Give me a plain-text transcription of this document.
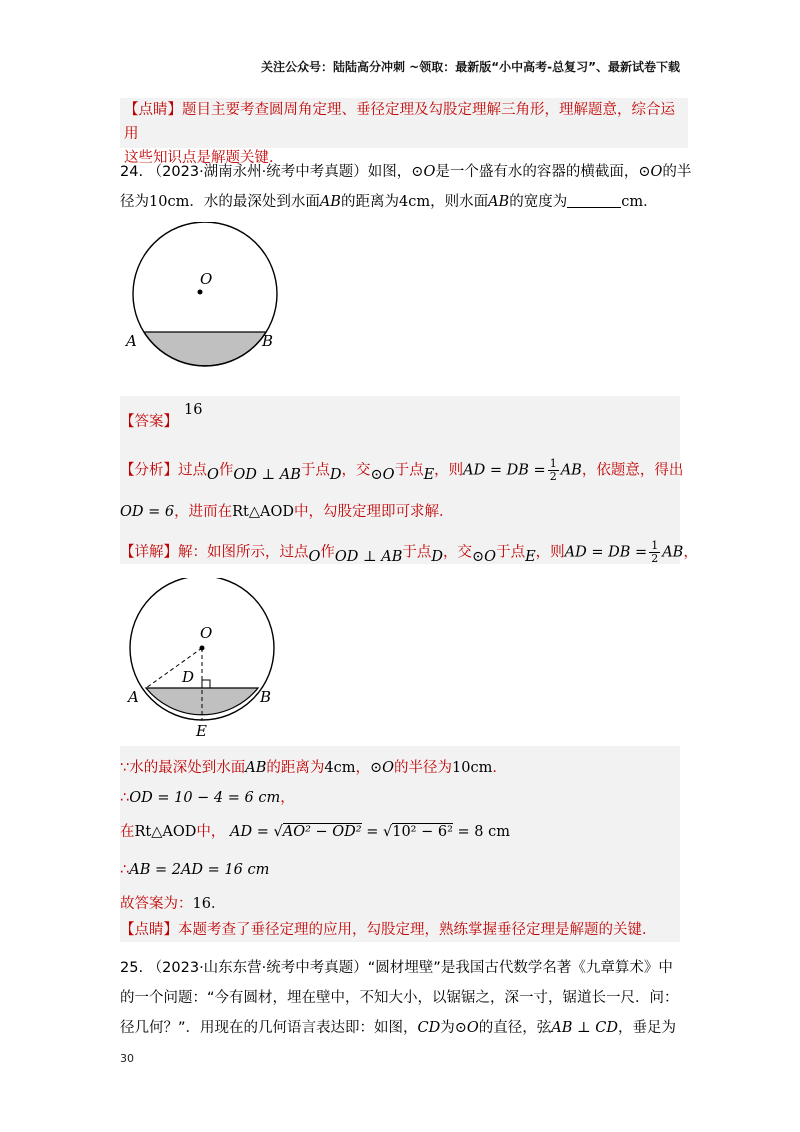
关注公众号：陆陆高分冲刺 ~领取：最新版“小中高考-总复习”、最新试卷下载
【点睛】题目主要考查圆周角定理、垂径定理及勾股定理解三角形，理解题意，综合运用
这些知识点是解题关键．
24. （2023·湖南永州·统考中考真题）如图，⊙O是一个盛有水的容器的横截面，⊙O的半
径为10cm．水的最深处到水面AB的距离为4cm，则水面AB的宽度为	cm．
O
A	B
【答案】16
【分析】过点O作OD ⊥ AB于点D，交⊙O于点E，则AD = DB = $\frac{1}{2}$ AB，依题意，得出
OD = 6，进而在Rt△AOD中，勾股定理即可求解．
【详解】解：如图所示，过点O作OD ⊥ AB于点D，交⊙O于点E，则AD = DB = $\frac{1}{2}$ AB，
O
D
A	B
E
∵水的最深处到水面AB的距离为4cm，⊙O的半径为10cm．
∴OD = 10 − 4 = 6 cm，
在Rt△AOD中， AD = √AO² − OD² = √10² − 6² = 8 cm
∴AB = 2AD = 16 cm
故答案为：16．
【点睛】本题考查了垂径定理的应用，勾股定理，熟练掌握垂径定理是解题的关键．
25. （2023·山东东营·统考中考真题）“圆材埋壁”是我国古代数学名著《九章算术》中
的一个问题：“今有圆材，埋在壁中，不知大小，以锯锯之，深一寸，锯道长一尺．问：
径几何？”．用现在的几何语言表达即：如图，CD为⊙O的直径，弦AB ⊥ CD，垂足为
30
